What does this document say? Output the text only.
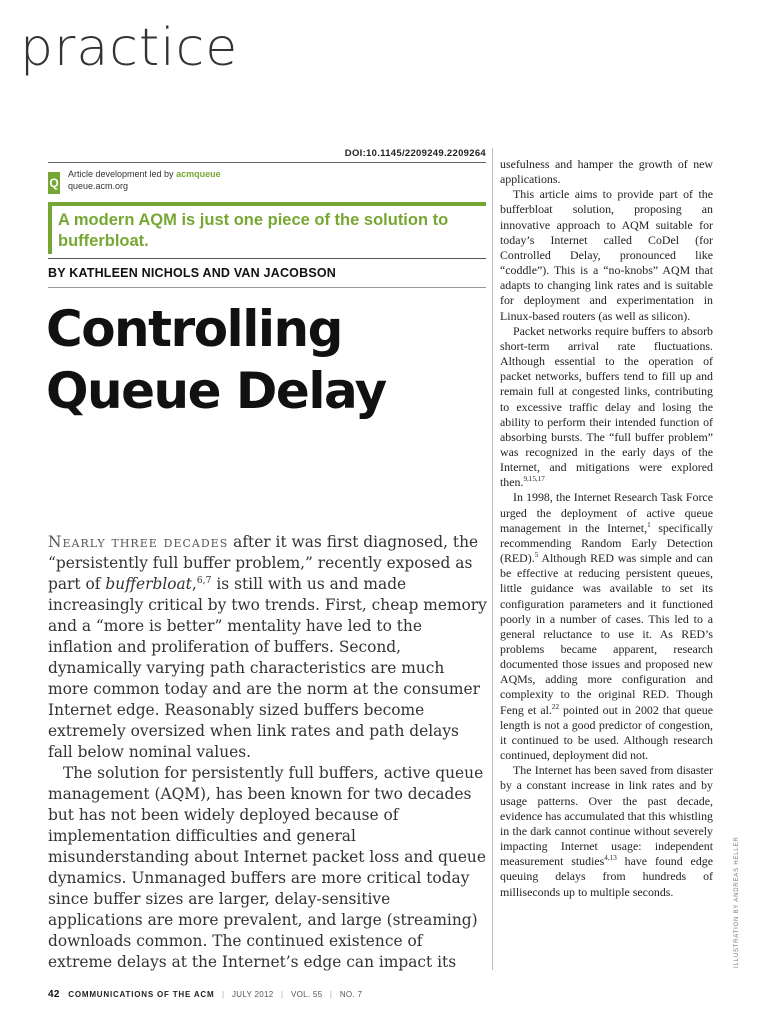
practice
DOI:10.1145/2209249.2209264
Q
Article development led by acmqueue
queue.acm.org
A modern AQM is just one piece of the solution to bufferbloat.
BY KATHLEEN NICHOLS AND VAN JACOBSON
Controlling
Queue Delay

Nearly three decades after it was first diagnosed, the “persistently full buffer problem,” recently exposed as part of bufferbloat,$^{6,7}$ is still with us and made increasingly critical by two trends. First, cheap memory and a “more is better” mentality have led to the inflation and proliferation of buffers. Second, dynamically varying path characteristics are much more common today and are the norm at the consumer Internet edge. Reasonably sized buffers become extremely oversized when link rates and path delays fall below nominal values.

The solution for persistently full buffers, active queue management (AQM), has been known for two decades but has not been widely deployed because of implementation difficulties and general misunderstanding about Internet packet loss and queue dynamics. Unmanaged buffers are more critical today since buffer sizes are larger, delay-sensitive applications are more prevalent, and large (streaming) downloads common. The continued existence of extreme delays at the Internet’s edge can impact its

usefulness and hamper the growth of new applications.

This article aims to provide part of the bufferbloat solution, proposing an innovative approach to AQM suitable for today’s Internet called CoDel (for Controlled Delay, pronounced like “coddle”). This is a “no-knobs” AQM that adapts to changing link rates and is suitable for deployment and experimentation in Linux-based routers (as well as silicon).

Packet networks require buffers to absorb short-term arrival rate fluctuations. Although essential to the operation of packet networks, buffers tend to fill up and remain full at congested links, contributing to excessive traffic delay and losing the ability to perform their intended function of absorbing bursts. The “full buffer problem” was recognized in the early days of the Internet, and mitigations were explored then.$^{9,15,17}$

In 1998, the Internet Research Task Force urged the deployment of active queue management in the Internet,$^1$ specifically recommending Random Early Detection (RED).$^5$ Although RED was simple and can be effective at reducing persistent queues, little guidance was available to set its configuration parameters and it functioned poorly in a number of cases. This led to a general reluctance to use it. As RED’s problems became apparent, research documented those issues and proposed new AQMs, adding more configuration and complexity to the original RED. Though Feng et al.$^{22}$ pointed out in 2002 that queue length is not a good predictor of congestion, it continued to be used. Although research continued, deployment did not.

The Internet has been saved from disaster by a constant increase in link rates and by usage patterns. Over the past decade, evidence has accumulated that this whistling in the dark cannot continue without severely impacting Internet usage: independent measurement studies$^{4,13}$ have found edge queuing delays from hundreds of milliseconds up to multiple seconds.	ILLUSTRATION BY ANDREAS HELLER
42 COMMUNICATIONS OF THE ACM | JULY 2012 | VOL. 55 | NO. 7
